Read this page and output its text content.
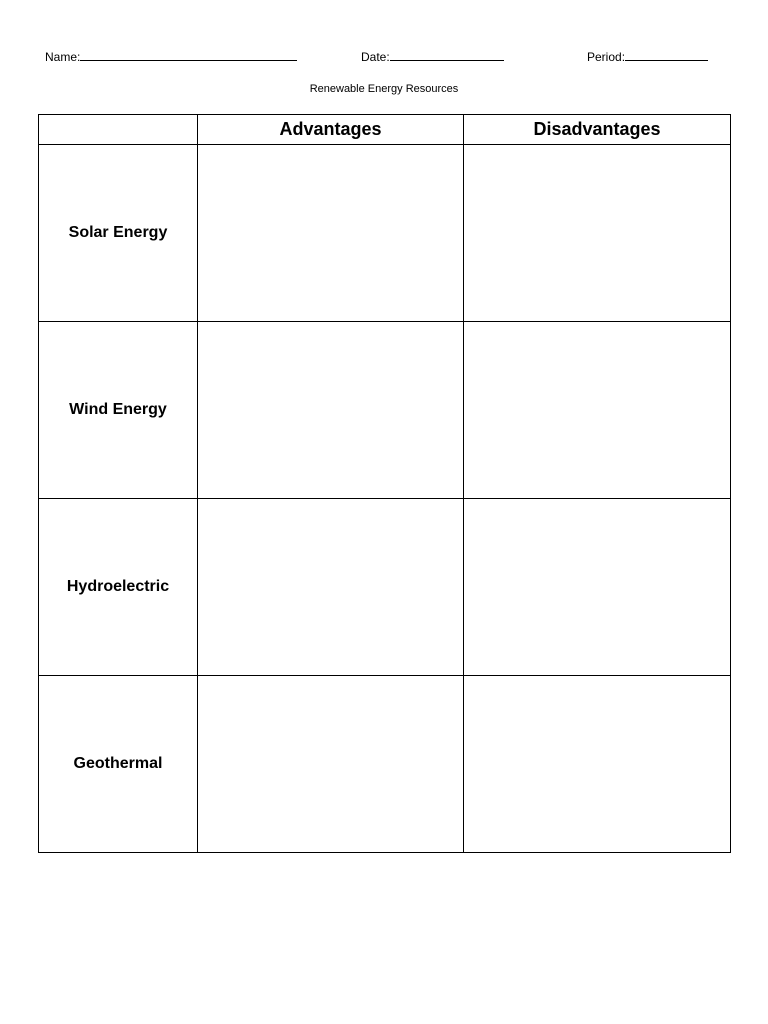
Name:	Date:	Period:
Renewable Energy Resources
	Advantages	Disadvantages
Solar Energy		
Wind Energy		
Hydroelectric		
Geothermal		
